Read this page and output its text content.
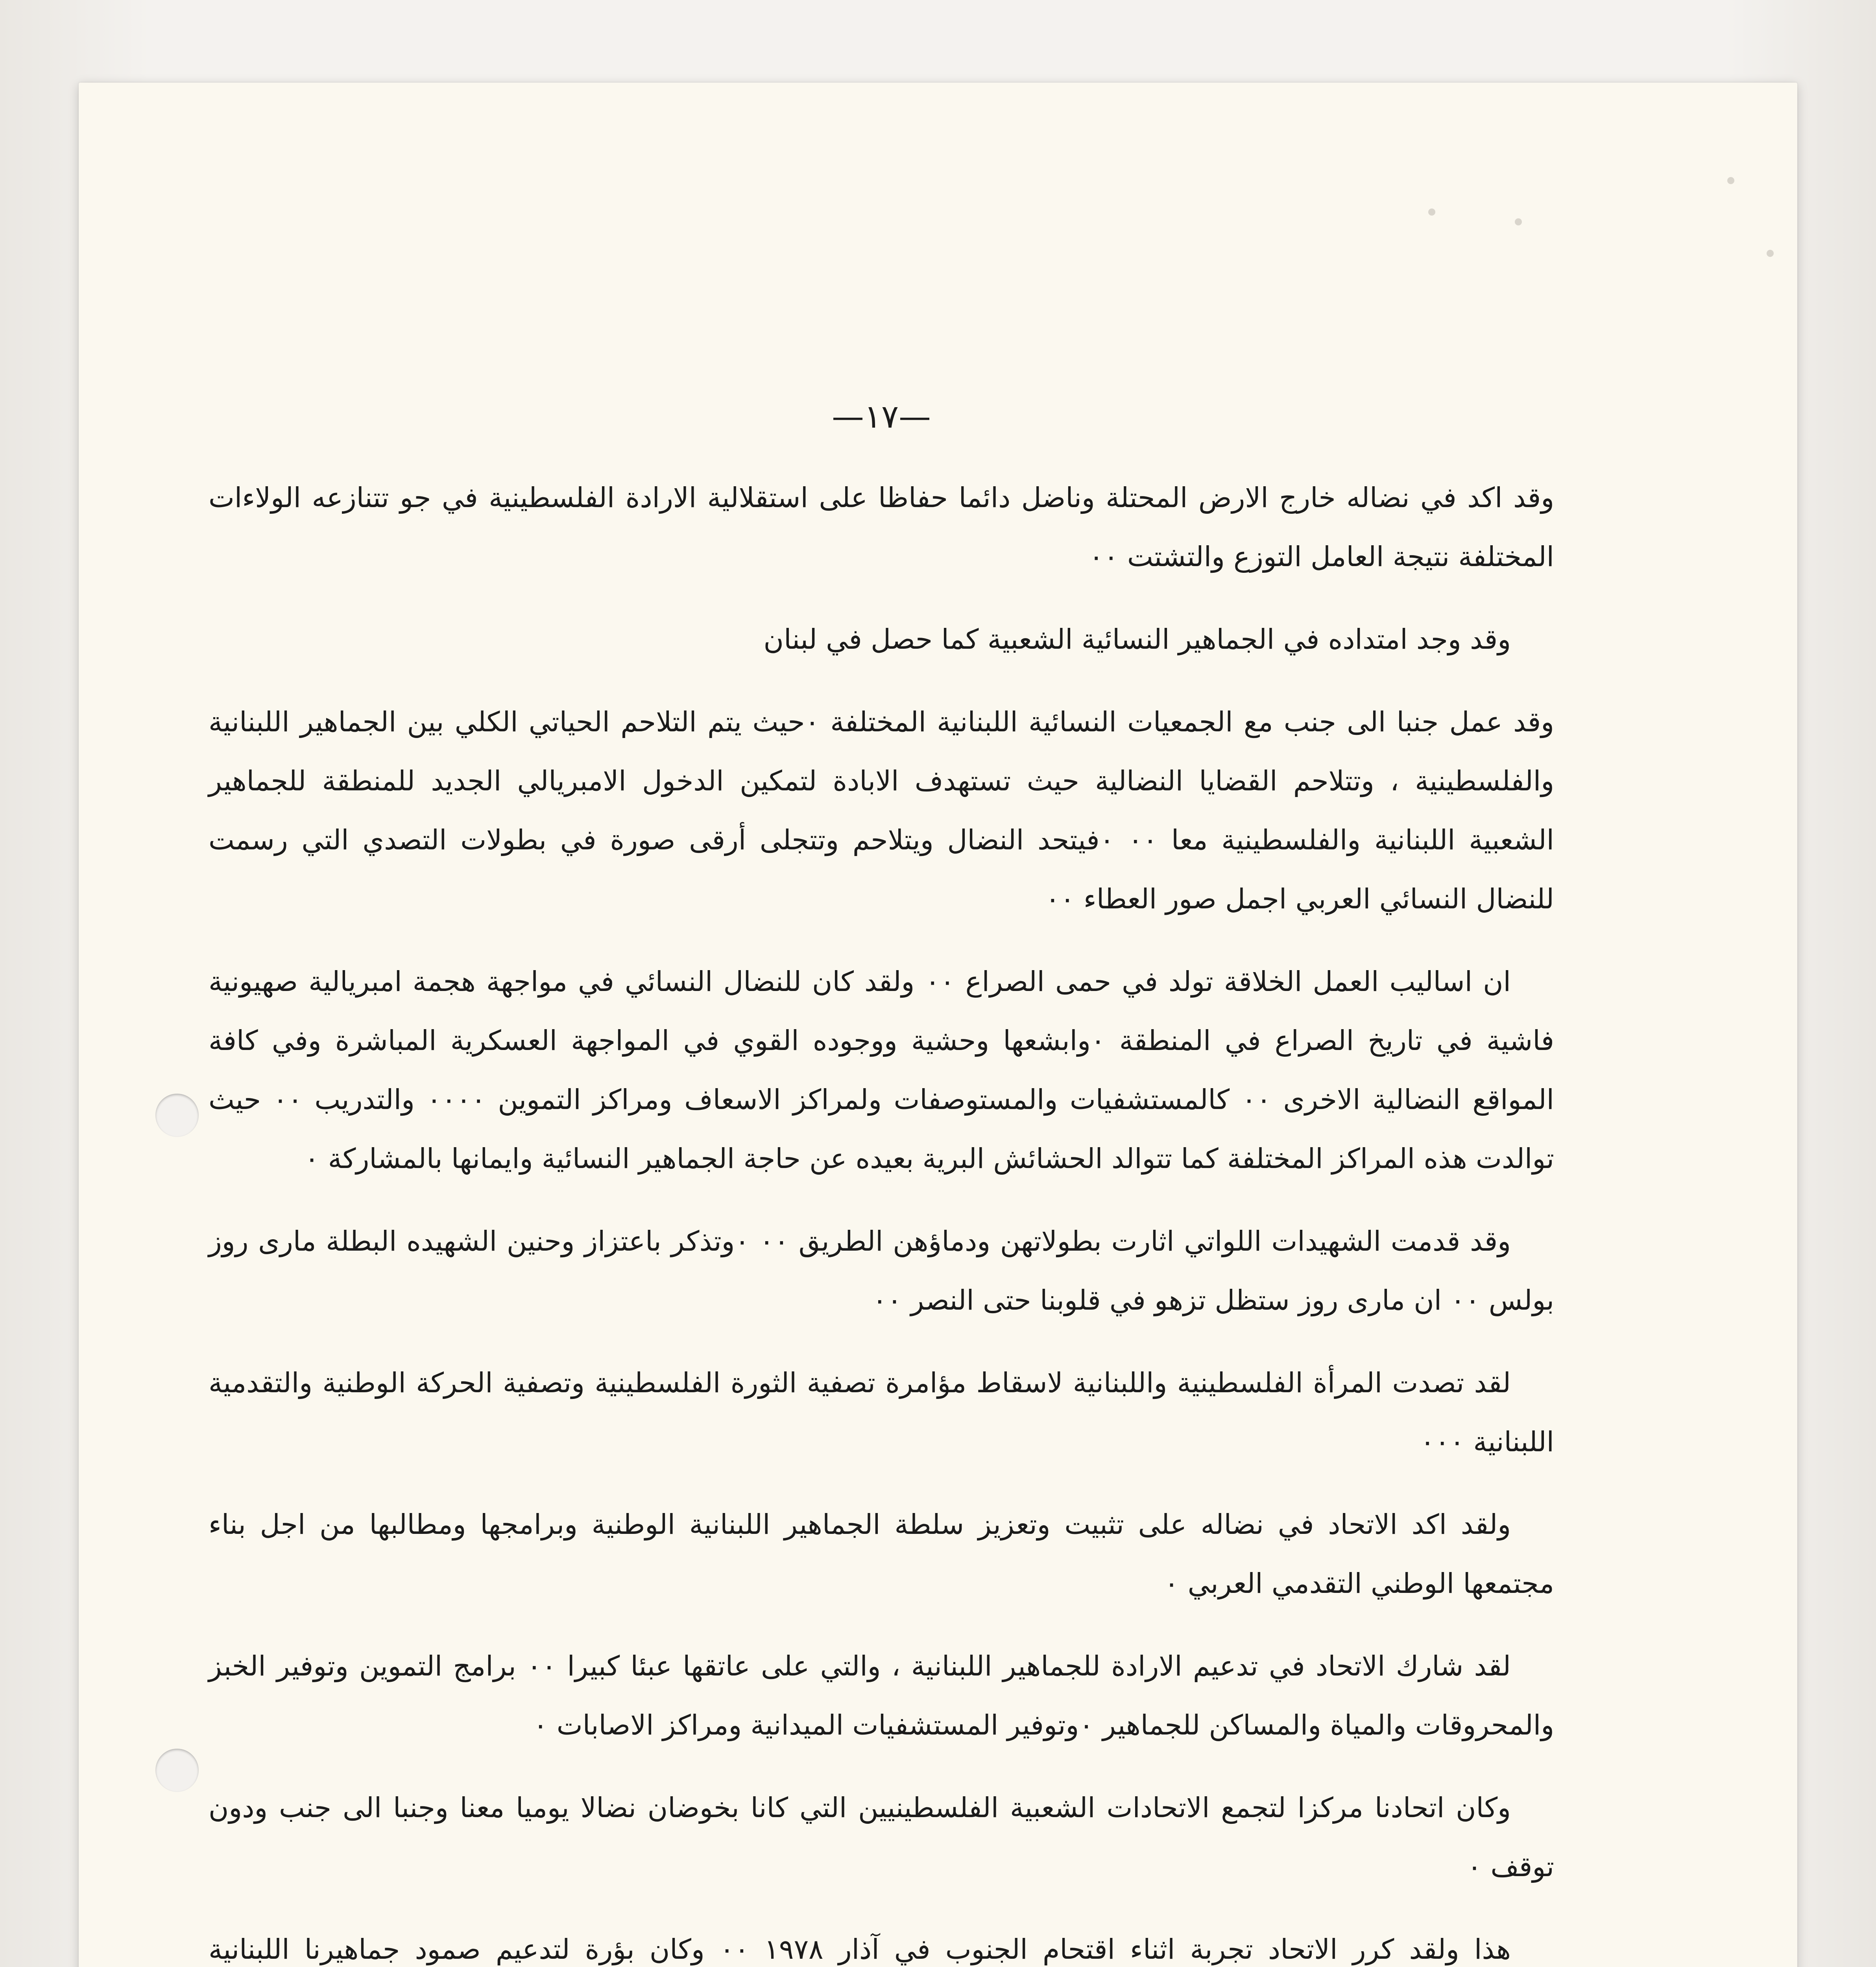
—١٧—

وقد اكد في نضاله خارج الارض المحتلة وناضل دائما حفاظا على استقلالية الارادة الفلسطينية في جو تتنازعه الولاءات المختلفة نتيجة العامل التوزع والتشتت ٠٠

وقد وجد امتداده في الجماهير النسائية الشعبية كما حصل في لبنان

وقد عمل جنبا الى جنب مع الجمعيات النسائية اللبنانية المختلفة ٠حيث يتم التلاحم الحياتي الكلي بين الجماهير اللبنانية والفلسطينية ، وتتلاحم القضايا النضالية حيث تستهدف الابادة لتمكين الدخول الامبريالي الجديد للمنطقة للجماهير الشعبية اللبنانية والفلسطينية معا ٠٠ ٠فيتحد النضال ويتلاحم وتتجلى أرقى صورة في بطولات التصدي التي رسمت للنضال النسائي العربي اجمل صور العطاء ٠٠

ان اساليب العمل الخلاقة تولد في حمى الصراع ٠٠ ولقد كان للنضال النسائي في مواجهة هجمة امبريالية صهيونية فاشية في تاريخ الصراع في المنطقة ٠وابشعها وحشية ووجوده القوي في المواجهة العسكرية المباشرة وفي كافة المواقع النضالية الاخرى ٠٠ كالمستشفيات والمستوصفات ولمراكز الاسعاف ومراكز التموين ٠٠٠٠ والتدريب ٠٠ حيث توالدت هذه المراكز المختلفة كما تتوالد الحشائش البرية بعيده عن حاجة الجماهير النسائية وايمانها بالمشاركة ٠

وقد قدمت الشهيدات اللواتي اثارت بطولاتهن ودماؤهن الطريق ٠٠ ٠وتذكر باعتزاز وحنين الشهيده البطلة مارى روز بولس ٠٠ ان مارى روز ستظل تزهو في قلوبنا حتى النصر ٠٠

لقد تصدت المرأة الفلسطينية واللبنانية لاسقاط مؤامرة تصفية الثورة الفلسطينية وتصفية الحركة الوطنية والتقدمية اللبنانية ٠٠٠

ولقد اكد الاتحاد في نضاله على تثبيت وتعزيز سلطة الجماهير اللبنانية الوطنية وبرامجها ومطالبها من اجل بناء مجتمعها الوطني التقدمي العربي ٠

لقد شارك الاتحاد في تدعيم الارادة للجماهير اللبنانية ، والتي على عاتقها عبئا كبيرا ٠٠ برامج التموين وتوفير الخبز والمحروقات والمياة والمساكن للجماهير ٠وتوفير المستشفيات الميدانية ومراكز الاصابات ٠

وكان اتحادنا مركزا لتجمع الاتحادات الشعبية الفلسطينيين التي كانا بخوضان نضالا يوميا معنا وجنبا الى جنب ودون توقف ٠

هذا ولقد كرر الاتحاد تجربة اثناء اقتحام الجنوب في آذار ١٩٧٨ ٠٠ وكان بؤرة لتدعيم صمود جماهيرنا اللبنانية
